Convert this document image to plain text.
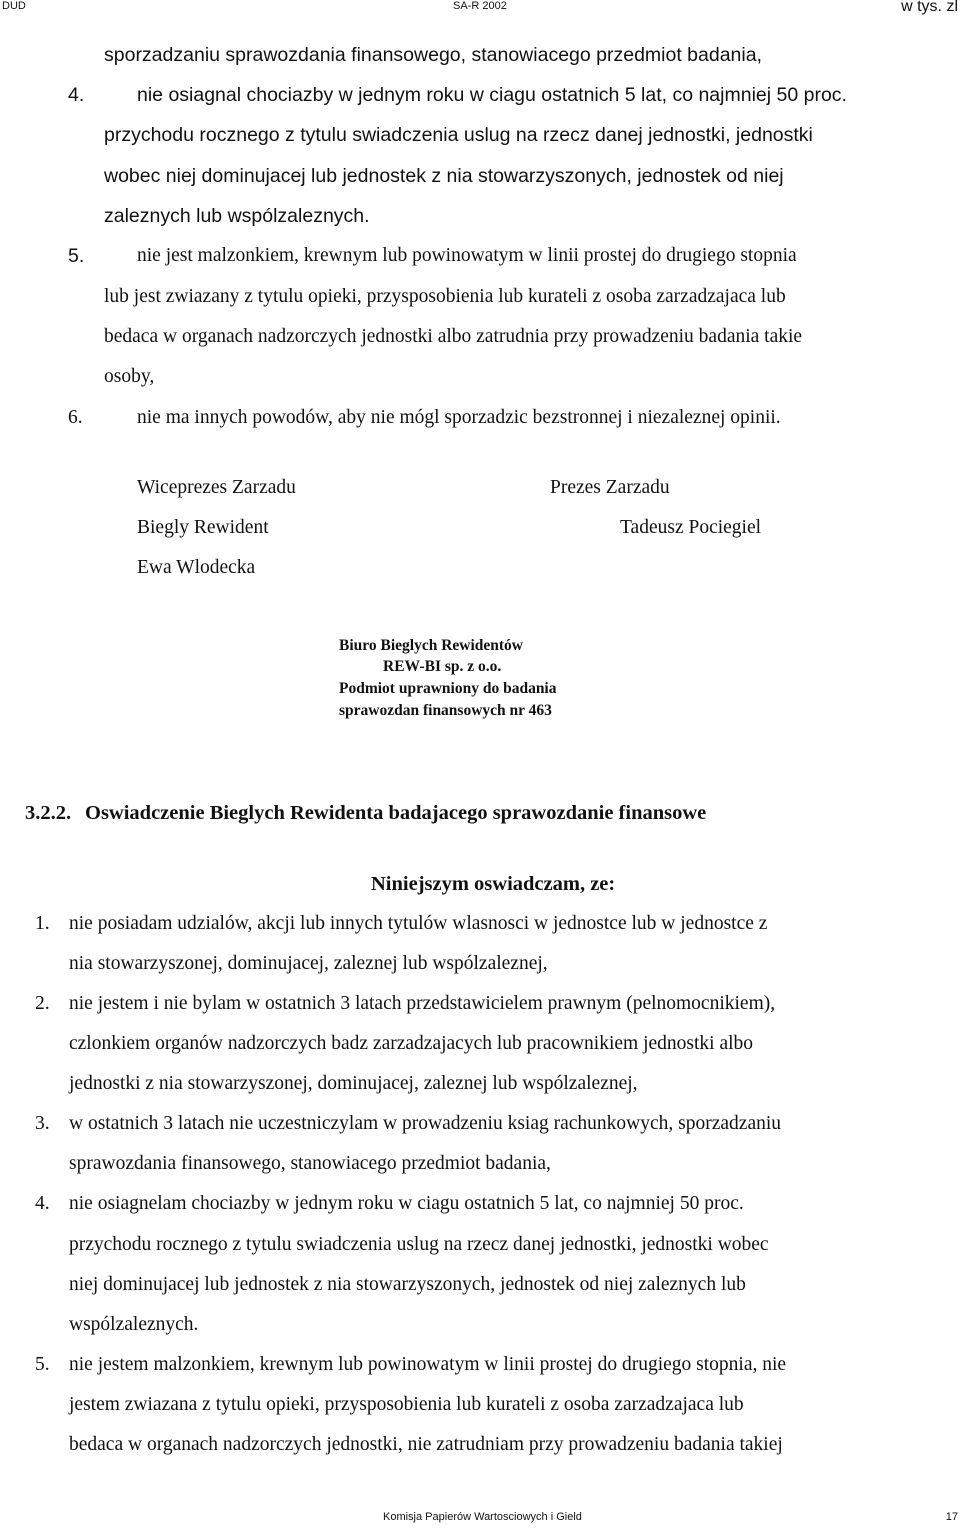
DUD	SA-R 2002	w tys. zl
sporzadzaniu sprawozdania finansowego, stanowiacego przedmiot badania,
4.	nie osiagnal chociazby w jednym roku w ciagu ostatnich 5 lat, co najmniej 50 proc.
przychodu rocznego z tytulu swiadczenia uslug na rzecz danej jednostki, jednostki
wobec niej dominujacej lub jednostek z nia stowarzyszonych, jednostek od niej
zaleznych lub wspólzaleznych.
5.	nie jest malzonkiem, krewnym lub powinowatym w linii prostej do drugiego stopnia
lub jest zwiazany z tytulu opieki, przysposobienia lub kurateli z osoba zarzadzajaca lub
bedaca w organach nadzorczych jednostki albo zatrudnia przy prowadzeniu badania takie
osoby,
6.	nie ma innych powodów, aby nie mógl sporzadzic bezstronnej i niezaleznej opinii.
Wiceprezes Zarzadu
Biegly Rewident
Ewa Wlodecka
Prezes Zarzadu
Tadeusz Pociegiel
Biuro Bieglych Rewidentów
REW-BI sp. z o.o.
Podmiot uprawniony do badania
sprawozdan finansowych nr 463
3.2.2. Oswiadczenie Bieglych Rewidenta badajacego sprawozdanie finansowe
Niniejszym oswiadczam, ze:
1. nie posiadam udzialów, akcji lub innych tytulów wlasnosci w jednostce lub w jednostce z
nia stowarzyszonej, dominujacej, zaleznej lub wspólzaleznej,
2. nie jestem i nie bylam w ostatnich 3 latach przedstawicielem prawnym (pelnomocnikiem),
czlonkiem organów nadzorczych badz zarzadzajacych lub pracownikiem jednostki albo
jednostki z nia stowarzyszonej, dominujacej, zaleznej lub wspólzaleznej,
3. w ostatnich 3 latach nie uczestniczylam w prowadzeniu ksiag rachunkowych, sporzadzaniu
sprawozdania finansowego, stanowiacego przedmiot badania,
4. nie osiagnelam chociazby w jednym roku w ciagu ostatnich 5 lat, co najmniej 50 proc.
przychodu rocznego z tytulu swiadczenia uslug na rzecz danej jednostki, jednostki wobec
niej dominujacej lub jednostek z nia stowarzyszonych, jednostek od niej zaleznych lub
wspólzaleznych.
5. nie jestem malzonkiem, krewnym lub powinowatym w linii prostej do drugiego stopnia, nie
jestem zwiazana z tytulu opieki, przysposobienia lub kurateli z osoba zarzadzajaca lub
bedaca w organach nadzorczych jednostki, nie zatrudniam przy prowadzeniu badania takiej
Komisja Papierów Wartosciowych i Gield	17
